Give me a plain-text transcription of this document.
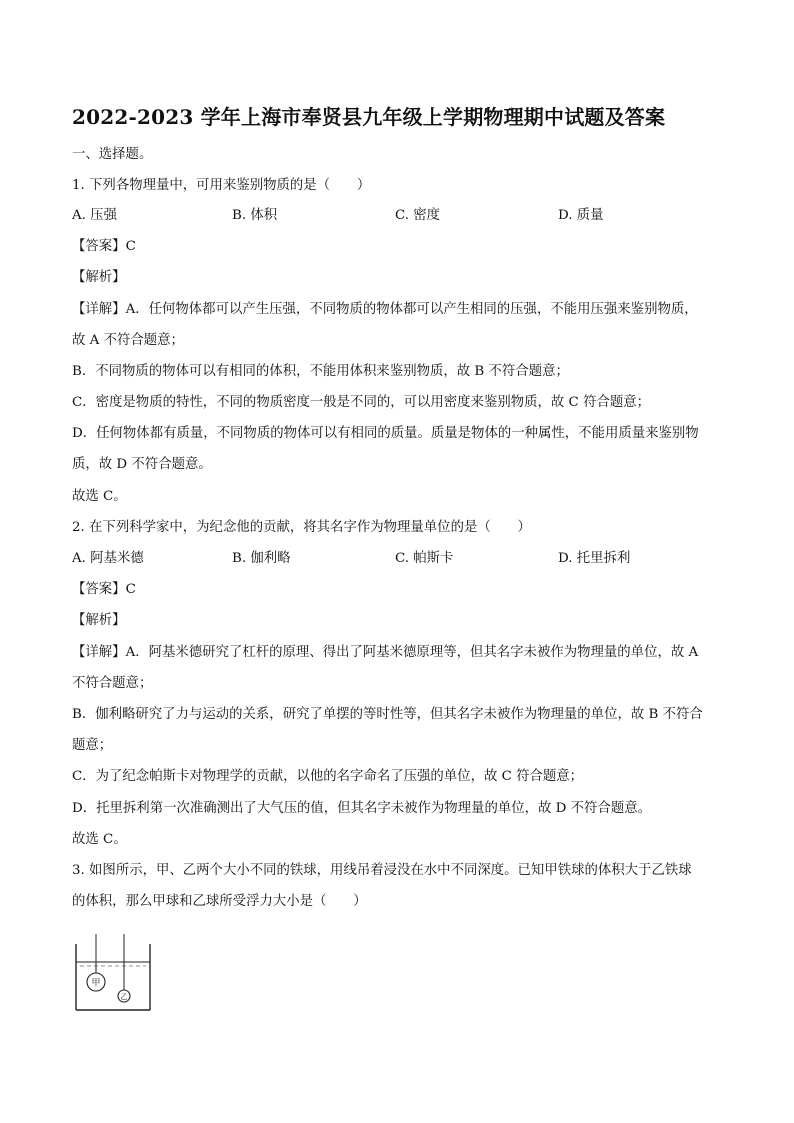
2022-2023 学年上海市奉贤县九年级上学期物理期中试题及答案
一、选择题。
1. 下列各物理量中，可用来鉴别物质的是（　　）
A. 压强	B. 体积	C. 密度	D. 质量
【答案】C
【解析】
【详解】A．任何物体都可以产生压强，不同物质的物体都可以产生相同的压强，不能用压强来鉴别物质，
故 A 不符合题意；
B．不同物质的物体可以有相同的体积，不能用体积来鉴别物质，故 B 不符合题意；
C．密度是物质的特性，不同的物质密度一般是不同的，可以用密度来鉴别物质，故 C 符合题意；
D．任何物体都有质量，不同物质的物体可以有相同的质量。质量是物体的一种属性，不能用质量来鉴别物
质，故 D 不符合题意。
故选 C。
2. 在下列科学家中，为纪念他的贡献，将其名字作为物理量单位的是（　　）
A. 阿基米德	B. 伽利略	C. 帕斯卡	D. 托里拆利
【答案】C
【解析】
【详解】A．阿基米德研究了杠杆的原理、得出了阿基米德原理等，但其名字未被作为物理量的单位，故 A
不符合题意；
B．伽利略研究了力与运动的关系，研究了单摆的等时性等，但其名字未被作为物理量的单位，故 B 不符合
题意；
C．为了纪念帕斯卡对物理学的贡献，以他的名字命名了压强的单位，故 C 符合题意；
D．托里拆利第一次准确测出了大气压的值，但其名字未被作为物理量的单位，故 D 不符合题意。
故选 C。
3. 如图所示，甲、乙两个大小不同的铁球，用线吊着浸没在水中不同深度。已知甲铁球的体积大于乙铁球
的体积，那么甲球和乙球所受浮力大小是（　　）
甲
乙
